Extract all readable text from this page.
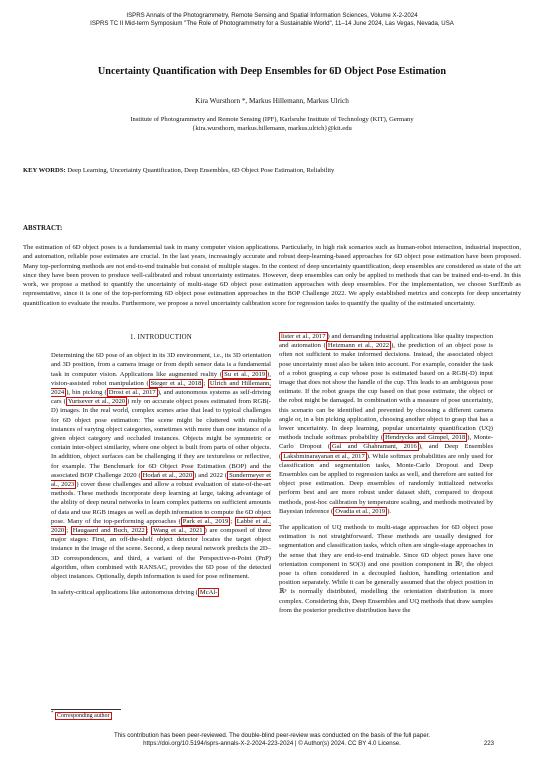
ISPRS Annals of the Photogrammetry, Remote Sensing and Spatial Information Sciences, Volume X-2-2024
ISPRS TC II Mid-term Symposium "The Role of Photogrammetry for a Sustainable World", 11–14 June 2024, Las Vegas, Nevada, USA
Uncertainty Quantification with Deep Ensembles for 6D Object Pose Estimation
Kira Wursthorn *, Markus Hillemann, Markus Ulrich
Institute of Photogrammetry and Remote Sensing (IPF), Karlsruhe Institute of Technology (KIT), Germany
{kira.wursthorn, markus.hillemann, markus.ulrich}@kit.edu
KEY WORDS: Deep Learning, Uncertainty Quantification, Deep Ensembles, 6D Object Pose Estimation, Reliability
ABSTRACT:
The estimation of 6D object poses is a fundamental task in many computer vision applications. Particularly, in high risk scenarios such as human-robot interaction, industrial inspection, and automation, reliable pose estimates are crucial. In the last years, increasingly accurate and robust deep-learning-based approaches for 6D object pose estimation have been proposed. Many top-performing methods are not end-to-end trainable but consist of multiple stages. In the context of deep uncertainty quantification, deep ensembles are considered as state of the art since they have been proven to produce well-calibrated and robust uncertainty estimates. However, deep ensembles can only be applied to methods that can be trained end-to-end. In this work, we propose a method to quantify the uncertainty of multi-stage 6D object pose estimation approaches with deep ensembles. For the implementation, we choose SurfEmb as representative, since it is one of the top-performing 6D object pose estimation approaches in the BOP Challenge 2022. We apply established metrics and concepts for deep uncertainty quantification to evaluate the results. Furthermore, we propose a novel uncertainty calibration score for regression tasks to quantify the quality of the estimated uncertainty.
1. INTRODUCTION

Determining the 6D pose of an object in its 3D environment, i.e., its 3D orientation and 3D position, from a camera image or from depth sensor data is a fundamental task in computer vision. Applications like augmented reality ( Su et al., 2019 ), vision-assisted robot manipulation ( Steger et al., 2018 ; Ulrich and Hillemann, 2024 ), bin picking ( Drost et al., 2017 ), and autonomous systems as self-driving cars ( Yurtsever et al., 2020 ) rely on accurate object poses estimated from RGB(-D) images. In the real world, complex scenes arise that lead to typical challenges for 6D object pose estimation: The scene might be cluttered with multiple instances of varying object categories, sometimes with more than one instance of a given object category and occluded instances. Objects might be symmetric or contain inter-object similarity, where one object is built from parts of other objects. In addition, object surfaces can be challenging if they are textureless or reflective, for example. The Benchmark for 6D Object Pose Estimation (BOP) and the associated BOP Challenge 2020 ( Hodaň et al., 2020 ) and 2022 ( Sundermeyer et al., 2023 ) cover these challenges and allow a robust evaluation of state-of-the-art methods. These methods incorporate deep learning at large, taking advantage of the ability of deep neural networks to learn complex patterns on sufficient amounts of data and use RGB images as well as depth information to compute the 6D object pose. Many of the top-performing approaches ( Park et al., 2019 ; Labbé et al., 2020 ; Haugaard and Buch, 2022 ; Wang et al., 2021 ) are composed of three major stages: First, an off-the-shelf object detector locates the target object instance in the image of the scene. Second, a deep neural network predicts the 2D–3D correspondences, and third, a variant of the Perspective-n-Point (PnP) algorithm, often combined with RANSAC, provides the 6D pose of the detected object instances. Optionally, depth information is used for pose refinement.

In safety-critical applications like autonomous driving ( McAl-

lister et al., 2017 ) and demanding industrial applications like quality inspection and automation ( Heizmann et al., 2022 ), the prediction of an object pose is often not sufficient to make informed decisions. Instead, the associated object pose uncertainty must also be taken into account. For example, consider the task of a robot grasping a cup whose pose is estimated based on a RGB(-D) input image that does not show the handle of the cup. This leads to an ambiguous pose estimate. If the robot grasps the cup based on that pose estimate, the object or the robot might be damaged. In combination with a measure of pose uncertainty, this scenario can be identified and prevented by choosing a different camera angle or, in a bin picking application, choosing another object to grasp that has a lower uncertainty. In deep learning, popular uncertainty quantification (UQ) methods include softmax probability ( Hendrycks and Gimpel, 2018 ), Monte-Carlo Dropout ( Gal and Ghahramani, 2016 ), and Deep Ensembles ( Lakshminarayanan et al., 2017 ). While softmax probabilities are only used for classification and segmentation tasks, Monte-Carlo Dropout and Deep Ensembles can be applied to regression tasks as well, and therefore are suited for object pose estimation. Deep ensembles of randomly initialized networks perform best and are more robust under dataset shift, compared to dropout methods, post-hoc calibration by temperature scaling, and methods motivated by Bayesian inference ( Ovadia et al., 2019 ).

The application of UQ methods to multi-stage approaches for 6D object pose estimation is not straightforward. These methods are usually designed for segmentation and classification tasks, which often are single-stage approaches in the sense that they are end-to-end trainable. Since 6D object poses have one orientation component in SO(3) and one position component in ℝ³, the object pose is often considered in a decoupled fashion, handling orientation and position separately. While it can be generally assumed that the object position in ℝ³ is normally distributed, modelling the orientation distribution is more complex. Considering this, Deep Ensembles and UQ methods that draw samples from the posterior predictive distribution have the

* Corresponding author
This contribution has been peer-reviewed. The double-blind peer-review was conducted on the basis of the full paper.
https://doi.org/10.5194/isprs-annals-X-2-2024-223-2024 | © Author(s) 2024. CC BY 4.0 License.	223
